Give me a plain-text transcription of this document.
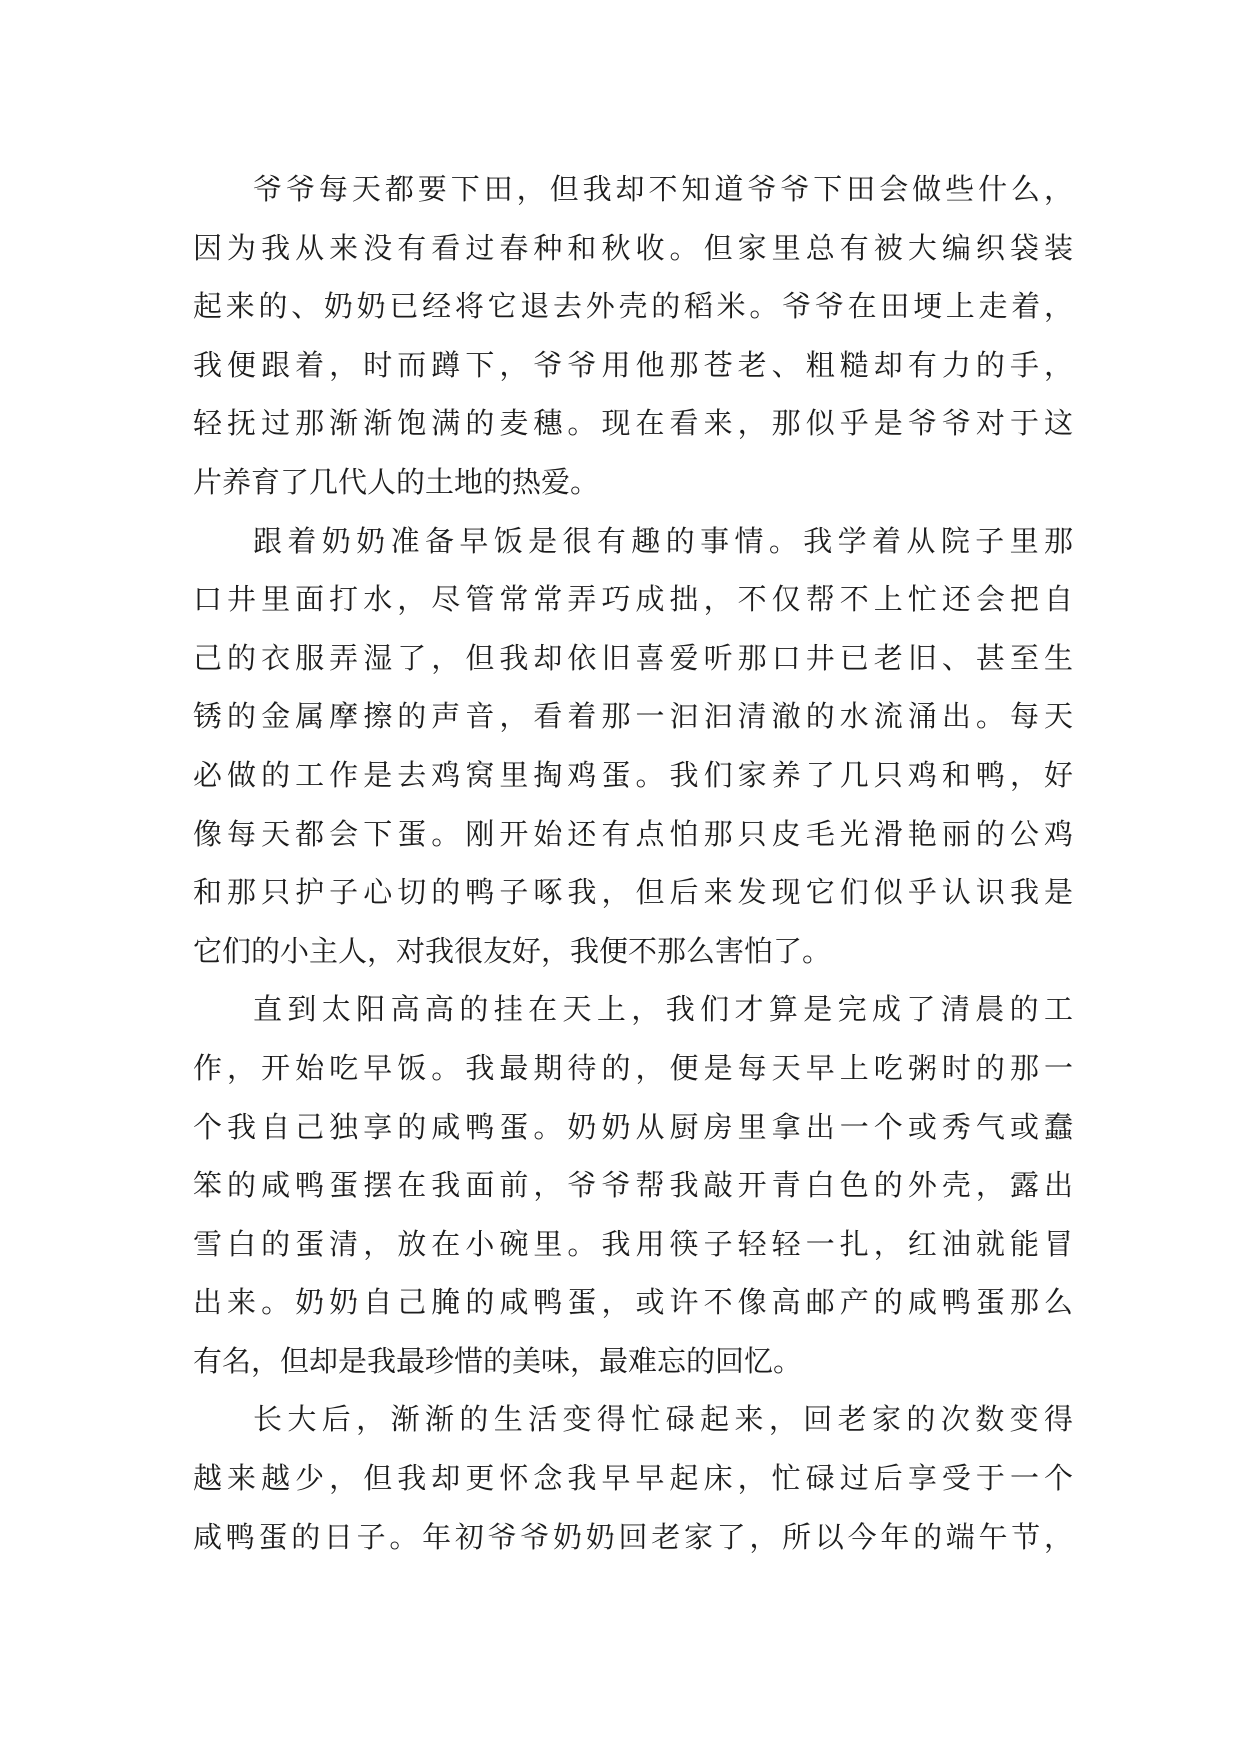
爷爷每天都要下田，但我却不知道爷爷下田会做些什么，
因为我从来没有看过春种和秋收。但家里总有被大编织袋装
起来的、奶奶已经将它退去外壳的稻米。爷爷在田埂上走着，
我便跟着，时而蹲下，爷爷用他那苍老、粗糙却有力的手，
轻抚过那渐渐饱满的麦穗。现在看来，那似乎是爷爷对于这
片养育了几代人的土地的热爱。
跟着奶奶准备早饭是很有趣的事情。我学着从院子里那
口井里面打水，尽管常常弄巧成拙，不仅帮不上忙还会把自
己的衣服弄湿了，但我却依旧喜爱听那口井已老旧、甚至生
锈的金属摩擦的声音，看着那一汩汩清澈的水流涌出。每天
必做的工作是去鸡窝里掏鸡蛋。我们家养了几只鸡和鸭，好
像每天都会下蛋。刚开始还有点怕那只皮毛光滑艳丽的公鸡
和那只护子心切的鸭子啄我，但后来发现它们似乎认识我是
它们的小主人，对我很友好，我便不那么害怕了。
直到太阳高高的挂在天上，我们才算是完成了清晨的工
作，开始吃早饭。我最期待的，便是每天早上吃粥时的那一
个我自己独享的咸鸭蛋。奶奶从厨房里拿出一个或秀气或蠢
笨的咸鸭蛋摆在我面前，爷爷帮我敲开青白色的外壳，露出
雪白的蛋清，放在小碗里。我用筷子轻轻一扎，红油就能冒
出来。奶奶自己腌的咸鸭蛋，或许不像高邮产的咸鸭蛋那么
有名，但却是我最珍惜的美味，最难忘的回忆。
长大后，渐渐的生活变得忙碌起来，回老家的次数变得
越来越少，但我却更怀念我早早起床，忙碌过后享受于一个
咸鸭蛋的日子。年初爷爷奶奶回老家了，所以今年的端午节，
